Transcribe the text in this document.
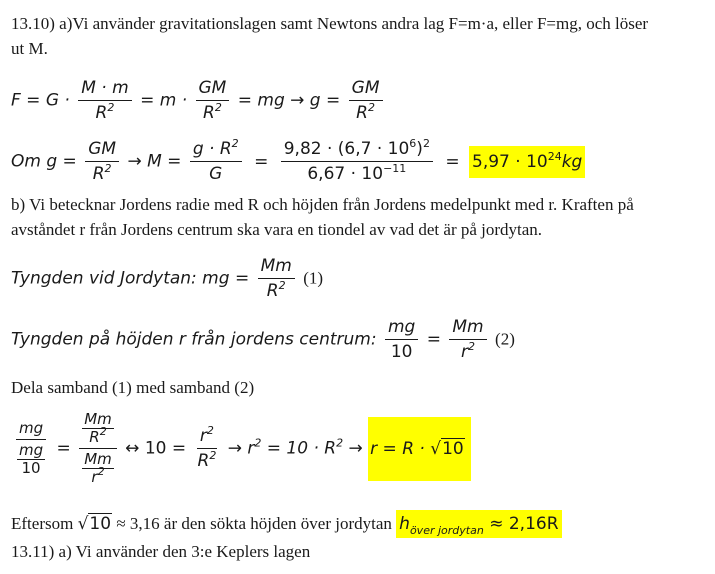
13.10) a)Vi använder gravitationslagen samt Newtons andra lag F=m·a, eller F=mg, och löser
ut M.
$F = G \cdot \frac{M \cdot m}{R^2} = m \cdot \frac{GM}{R^2}$ = mg → $g = \frac{GM}{R^2}$
Om $g = \frac{GM}{R^2} \to M = \frac{g \cdot R^2}{G} = \frac{9,82 \cdot (6,7 \cdot 10^6)^2}{6,67 \cdot 10^{-11}} = 5,97 \cdot 10^{24}kg$
b) Vi betecknar Jordens radie med R och höjden från Jordens medelpunkt med r. Kraften på
avståndet r från Jordens centrum ska vara en tiondel av vad det är på jordytan.
Tyngden vid Jordytan: mg = $\frac{Mm}{R^2} (1)$
Tyngden på höjden r från jordens centrum: $\frac{mg}{10} = \frac{Mm}{r^2} (2)$
Dela samband (1) med samband (2)
mg
mg
10 = Mm
$R^2$
Mm
$r^2$ ↔ $10 = \frac{r^2}{R^2} \to r^2 = 10 \cdot R^2 \to r = R \cdot √10$
Eftersom √10 ≈ 3,16 är den sökta höjden över jordytan $h_{över jordytan} \approx 2,16R$
13.11) a) Vi använder den 3:e Keplers lagen
